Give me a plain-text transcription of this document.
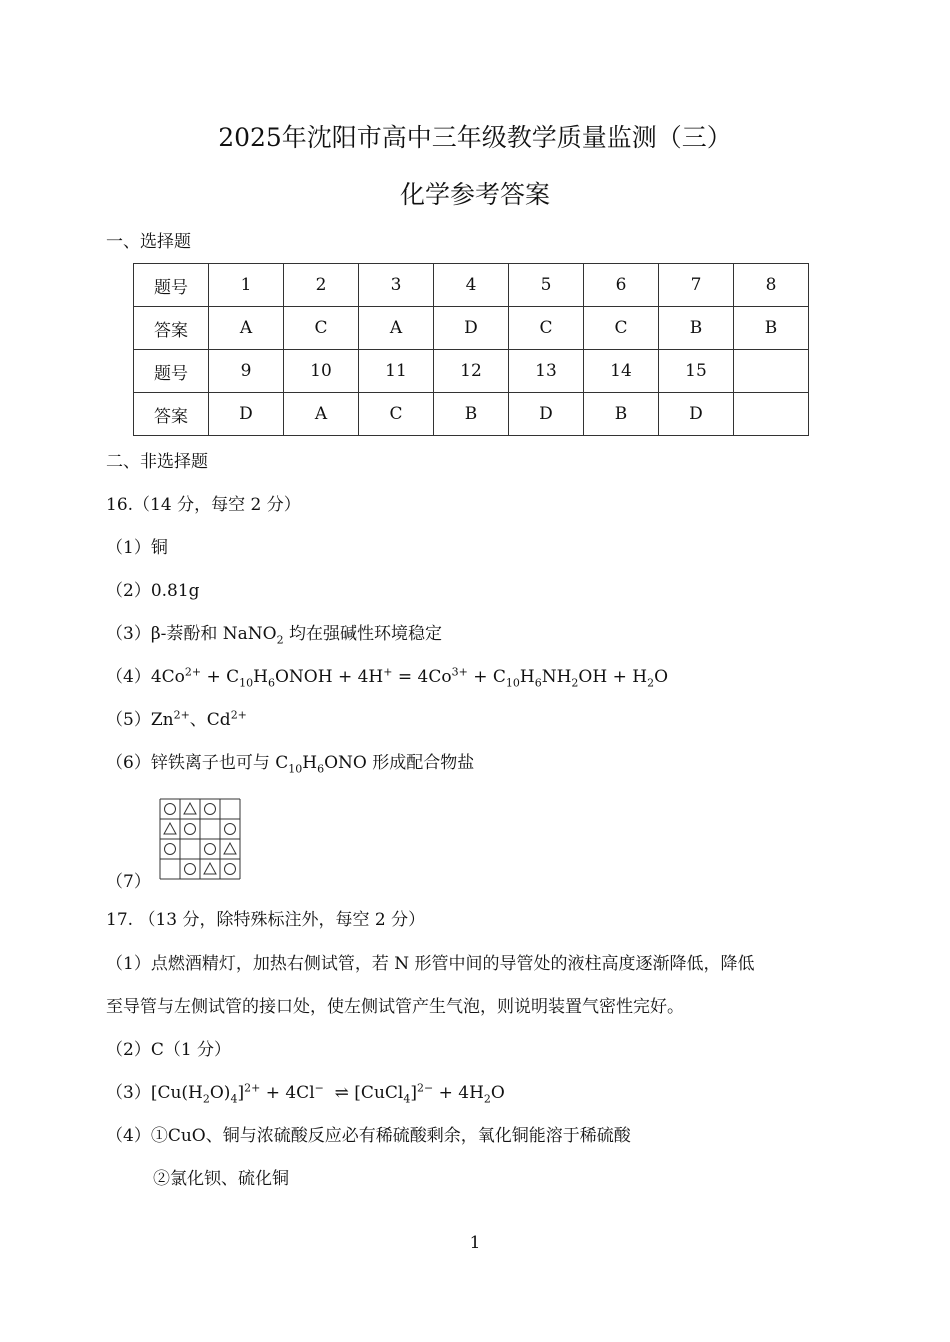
2025年沈阳市高中三年级教学质量监测（三）
化学参考答案
一、选择题
题号	1	2	3	4	5	6	7	8
答案	A	C	A	D	C	C	B	B
题号	9	10	11	12	13	14	15	
答案	D	A	C	B	D	B	D	
二、非选择题
16.（14 分，每空 2 分）
（1）铜
（2）0.81g
（3）β-萘酚和 NaNO$_2$ 均在强碱性环境稳定
$(4)4Co^{2+}$ + $C_{10}H_6ONOH + 4H^+ = 4Co^{3+} + C_{10}H_6NH_2OH + H_2O$
$(5)Zn^{2+}$、$Cd^{2+}$
（6）锌铁离子也可与 $C_{10}H_6ONO$ 形成配合物盐
（7）
17. （13 分，除特殊标注外，每空 2 分）
（1）点燃酒精灯，加热右侧试管，若 N 形管中间的导管处的液柱高度逐渐降低，降低
至导管与左侧试管的接口处，使左侧试管产生气泡，则说明装置气密性完好。
（2）C（1 分）
$(3)[Cu(H_2O)_4]^{2+} + 4Cl^-$  ⇌ [CuCl$_4$]$^{2-}$ + $4H_2O$
（4）①CuO、铜与浓硫酸反应必有稀硫酸剩余，氧化铜能溶于稀硫酸
②氯化钡、硫化铜
1
